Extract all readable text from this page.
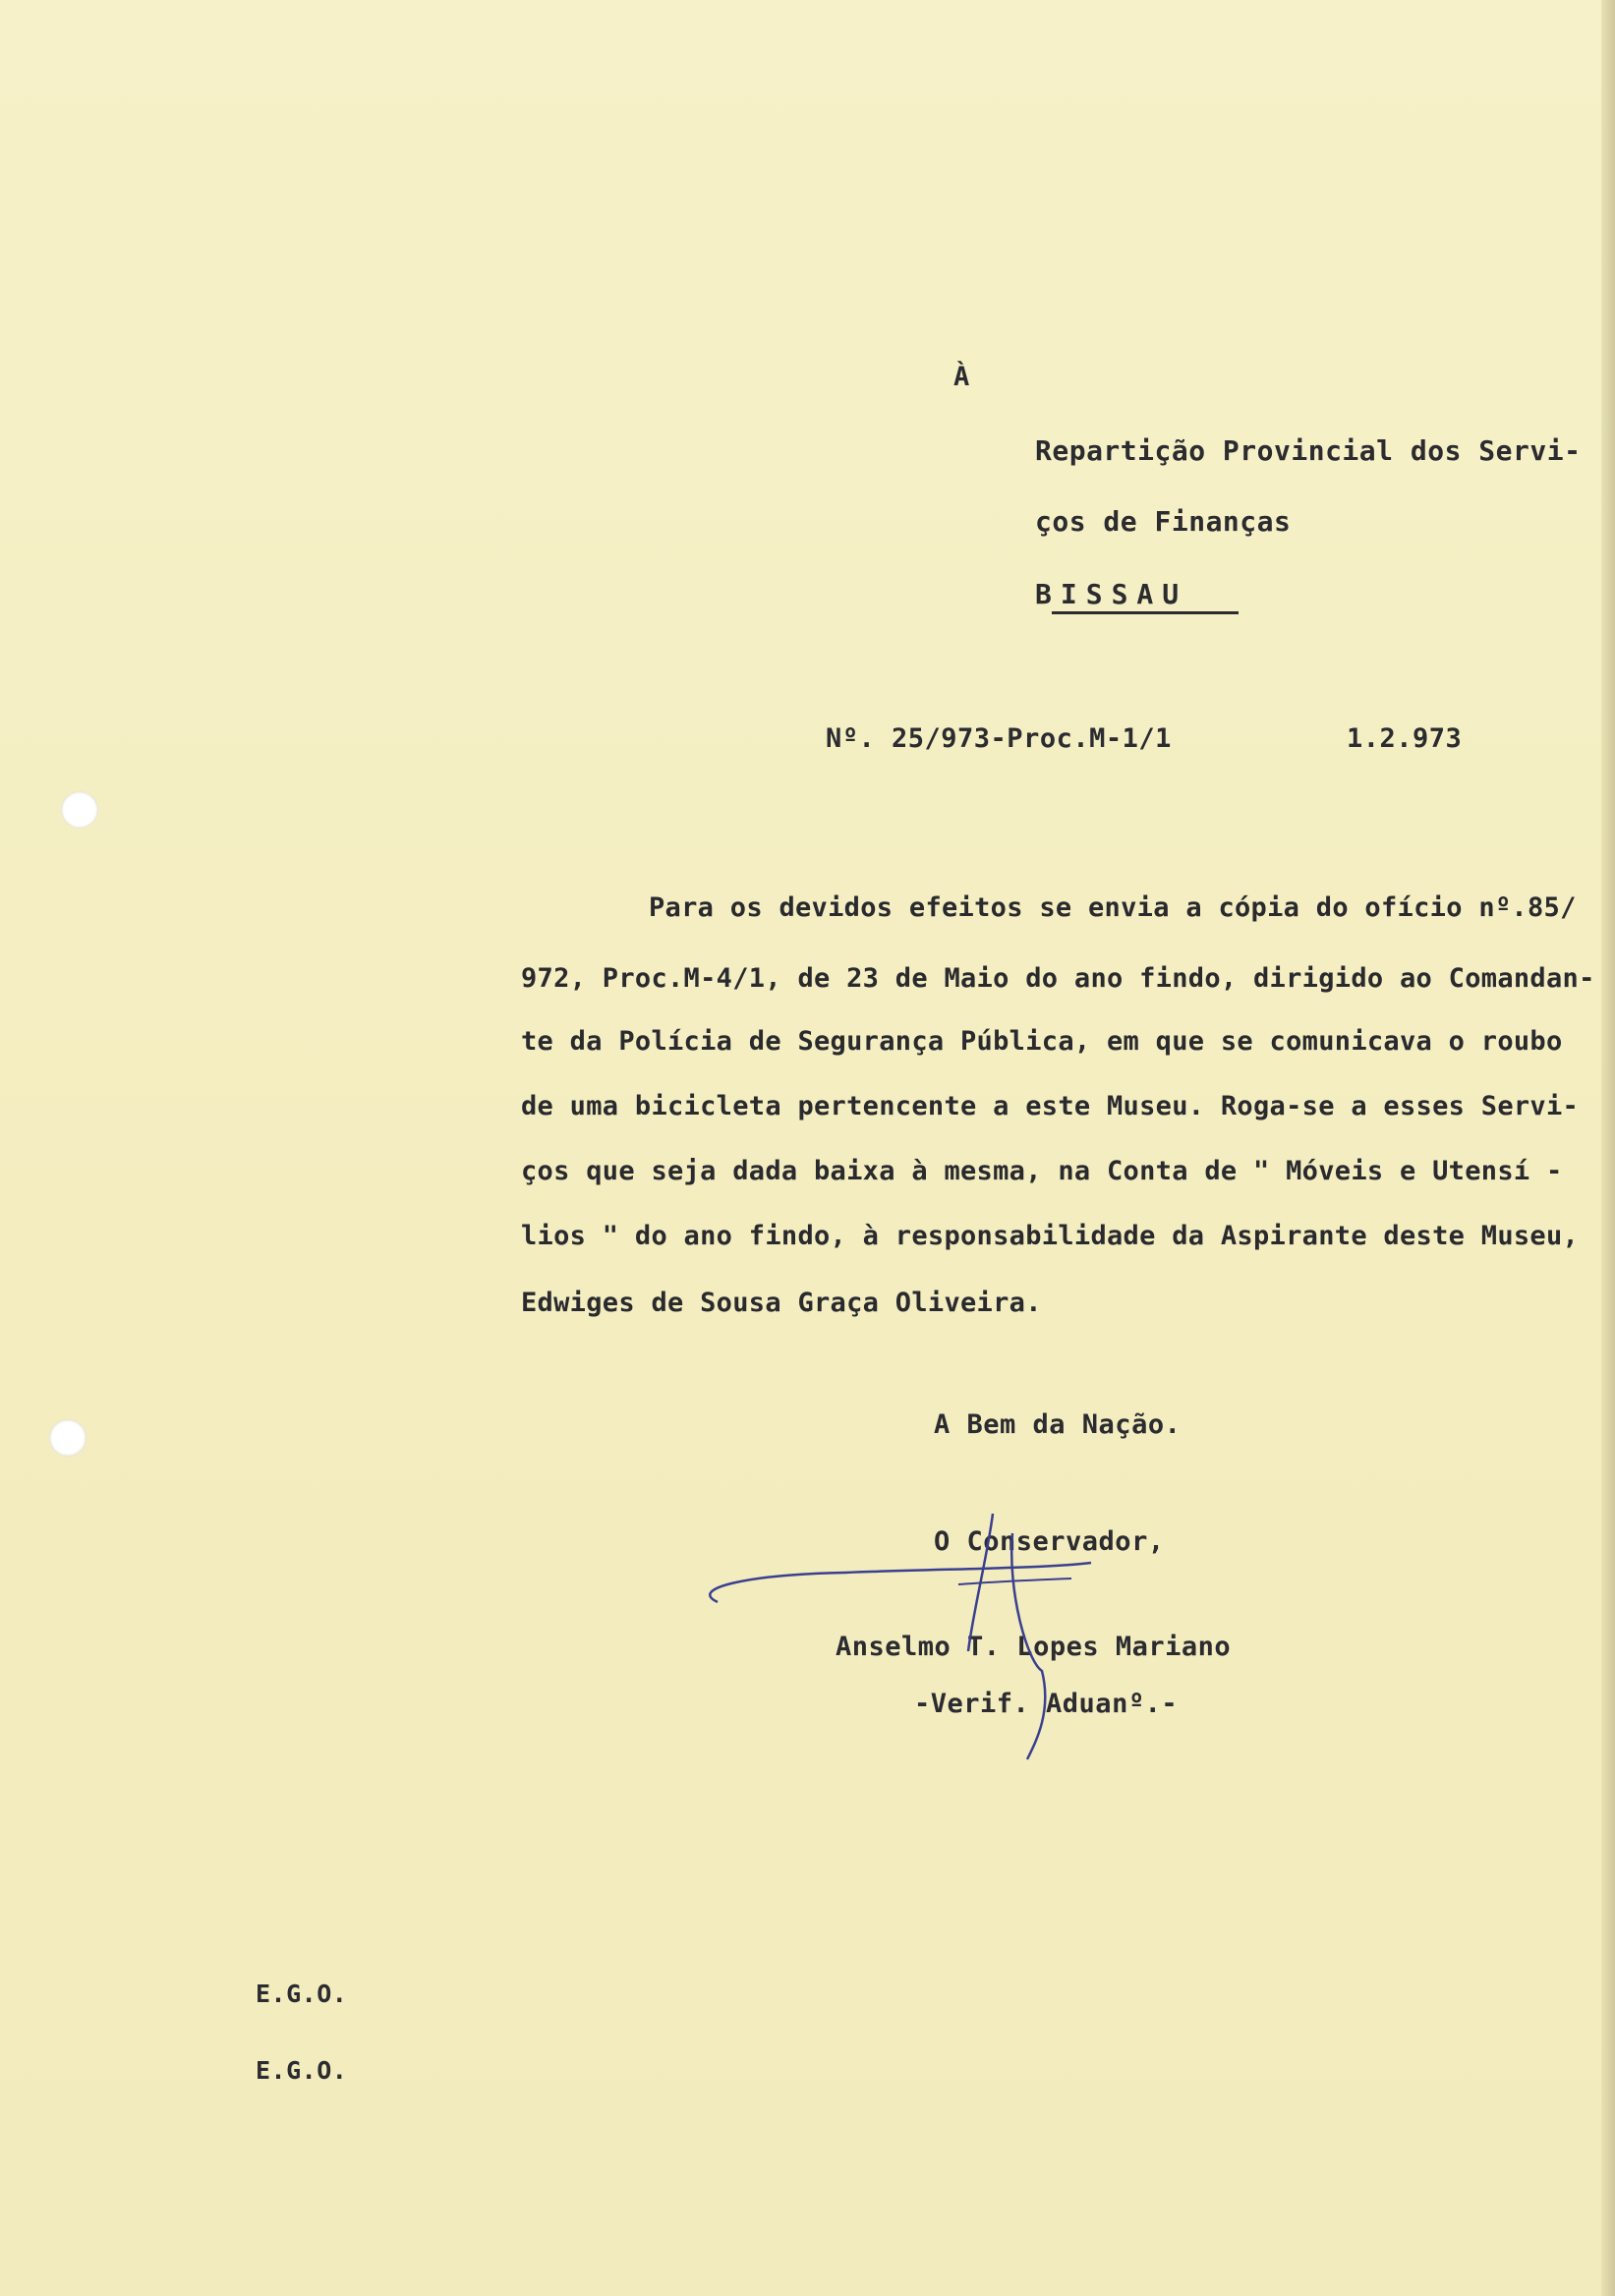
À
Repartição Provincial dos Servi-
ços de Finanças
BISSAU
Nº. 25/973-Proc.M-1/1	1.2.973
Para os devidos efeitos se envia a cópia do ofício nº.85/
972, Proc.M-4/1, de 23 de Maio do ano findo, dirigido ao Comandan-
te da Polícia de Segurança Pública, em que se comunicava o roubo
de uma bicicleta pertencente a este Museu. Roga-se a esses Servi-
ços que seja dada baixa à mesma, na Conta de " Móveis e Utensí -
lios " do ano findo, à responsabilidade da Aspirante deste Museu,
Edwiges de Sousa Graça Oliveira.
A Bem da Nação.
O Conservador,
Anselmo T. Lopes Mariano
-Verif. Aduanº.-
E.G.O.
E.G.O.
